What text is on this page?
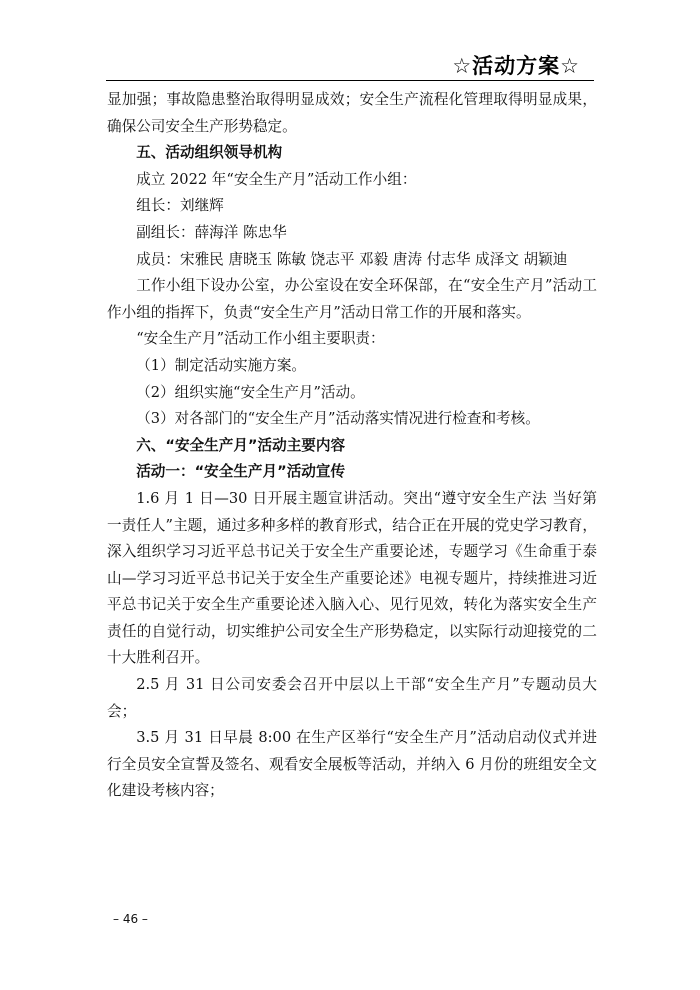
☆活动方案☆

显加强；事故隐患整治取得明显成效；安全生产流程化管理取得明显成果，确保公司安全生产形势稳定。

五、活动组织领导机构

成立 2022 年“安全生产月”活动工作小组：

组长：刘继辉

副组长：薛海洋 陈忠华

成员：宋雅民 唐晓玉 陈敏 饶志平 邓毅 唐涛 付志华 成泽文 胡颖迪

工作小组下设办公室，办公室设在安全环保部，在“安全生产月”活动工作小组的指挥下，负责“安全生产月”活动日常工作的开展和落实。

“安全生产月”活动工作小组主要职责：

（1）制定活动实施方案。

（2）组织实施“安全生产月”活动。

（3）对各部门的“安全生产月”活动落实情况进行检查和考核。

六、“安全生产月”活动主要内容

活动一：“安全生产月”活动宣传

1.6 月 1 日—30 日开展主题宣讲活动。突出“遵守安全生产法 当好第一责任人”主题，通过多种多样的教育形式，结合正在开展的党史学习教育，深入组织学习习近平总书记关于安全生产重要论述，专题学习《生命重于泰山—学习习近平总书记关于安全生产重要论述》电视专题片，持续推进习近平总书记关于安全生产重要论述入脑入心、见行见效，转化为落实安全生产责任的自觉行动，切实维护公司安全生产形势稳定，以实际行动迎接党的二十大胜利召开。

2.5 月 31 日公司安委会召开中层以上干部“安全生产月”专题动员大会；

3.5 月 31 日早晨 8:00 在生产区举行“安全生产月”活动启动仪式并进行全员安全宣誓及签名、观看安全展板等活动，并纳入 6 月份的班组安全文化建设考核内容；

– 46 –
